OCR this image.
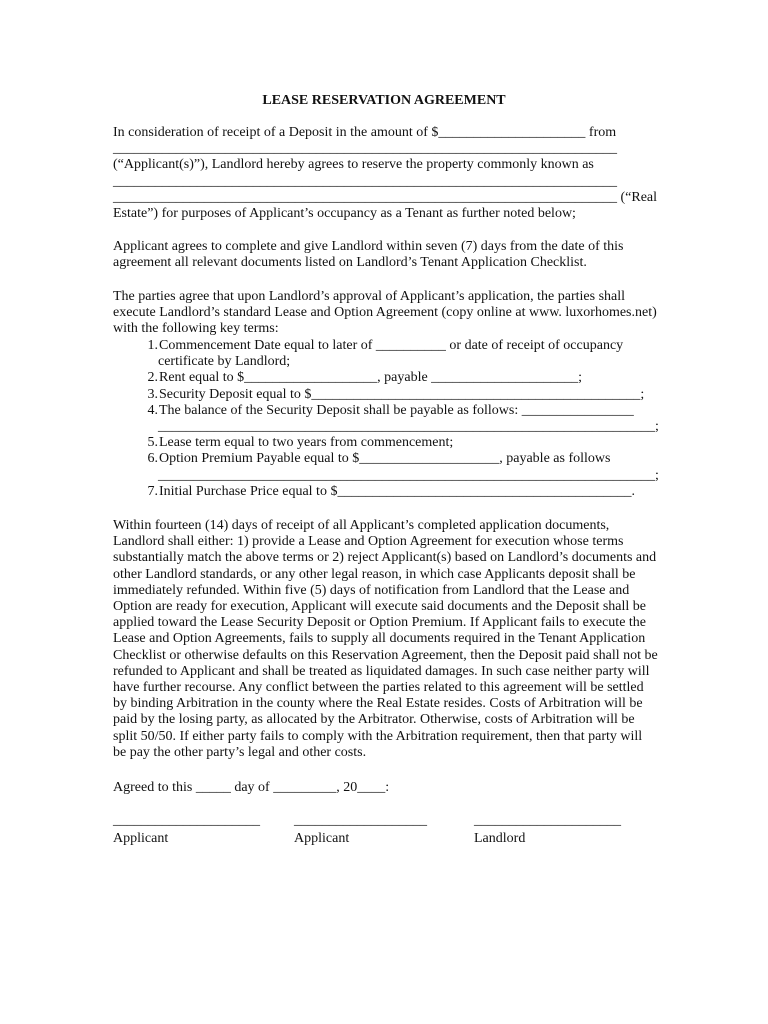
LEASE RESERVATION AGREEMENT

In consideration of receipt of a Deposit in the amount of $_____________________ from

________________________________________________________________________

(“Applicant(s)”), Landlord hereby agrees to reserve the property commonly known as

________________________________________________________________________

________________________________________________________________________ (“Real

Estate”) for purposes of Applicant’s occupancy as a Tenant as further noted below;

Applicant agrees to complete and give Landlord within seven (7) days from the date of this

agreement all relevant documents listed on Landlord’s Tenant Application Checklist.

The parties agree that upon Landlord’s approval of Applicant’s application, the parties shall

execute Landlord’s standard Lease and Option Agreement (copy online at www. luxorhomes.net)

with the following key terms:

1. Commencement Date equal to later of __________ or date of receipt of occupancy
certificate by Landlord;
2. Rent equal to $___________________, payable _____________________;
3. Security Deposit equal to $_______________________________________________;
4. The balance of the Security Deposit shall be payable as follows: ________________
_______________________________________________________________________;
5. Lease term equal to two years from commencement;
6. Option Premium Payable equal to $____________________, payable as follows
_______________________________________________________________________;
7. Initial Purchase Price equal to $__________________________________________.

Within fourteen (14) days of receipt of all Applicant’s completed application documents,

Landlord shall either: 1) provide a Lease and Option Agreement for execution whose terms

substantially match the above terms or 2) reject Applicant(s) based on Landlord’s documents and

other Landlord standards, or any other legal reason, in which case Applicants deposit shall be

immediately refunded. Within five (5) days of notification from Landlord that the Lease and

Option are ready for execution, Applicant will execute said documents and the Deposit shall be

applied toward the Lease Security Deposit or Option Premium. If Applicant fails to execute the

Lease and Option Agreements, fails to supply all documents required in the Tenant Application

Checklist or otherwise defaults on this Reservation Agreement, then the Deposit paid shall not be

refunded to Applicant and shall be treated as liquidated damages. In such case neither party will

have further recourse. Any conflict between the parties related to this agreement will be settled

by binding Arbitration in the county where the Real Estate resides. Costs of Arbitration will be

paid by the losing party, as allocated by the Arbitrator. Otherwise, costs of Arbitration will be

split 50/50. If either party fails to comply with the Arbitration requirement, then that party will

be pay the other party’s legal and other costs.

Agreed to this _____ day of _________, 20____:

_____________________
Applicant
___________________
Applicant
_____________________
Landlord
